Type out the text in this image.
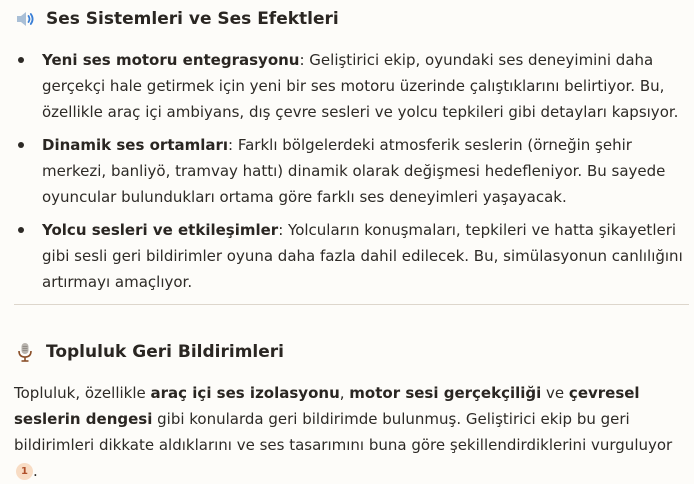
Ses Sistemleri ve Ses Efektleri
Yeni ses motoru entegrasyonu: Geliştirici ekip, oyundaki ses deneyimini daha gerçekçi hale getirmek için yeni bir ses motoru üzerinde çalıştıklarını belirtiyor. Bu, özellikle araç içi ambiyans, dış çevre sesleri ve yolcu tepkileri gibi detayları kapsıyor.
Dinamik ses ortamları: Farklı bölgelerdeki atmosferik seslerin (örneğin şehir merkezi, banliyö, tramvay hattı) dinamik olarak değişmesi hedefleniyor. Bu sayede oyuncular bulundukları ortama göre farklı ses deneyimleri yaşayacak.
Yolcu sesleri ve etkileşimler: Yolcuların konuşmaları, tepkileri ve hatta şikayetleri gibi sesli geri bildirimler oyuna daha fazla dahil edilecek. Bu, simülasyonun canlılığını artırmayı amaçlıyor.
Topluluk Geri Bildirimleri

Topluluk, özellikle araç içi ses izolasyonu, motor sesi gerçekçiliği ve çevresel seslerin dengesi gibi konularda geri bildirimde bulunmuş. Geliştirici ekip bu geri bildirimleri dikkate aldıklarını ve ses tasarımını buna göre şekillendirdiklerini vurguluyor 1 .
